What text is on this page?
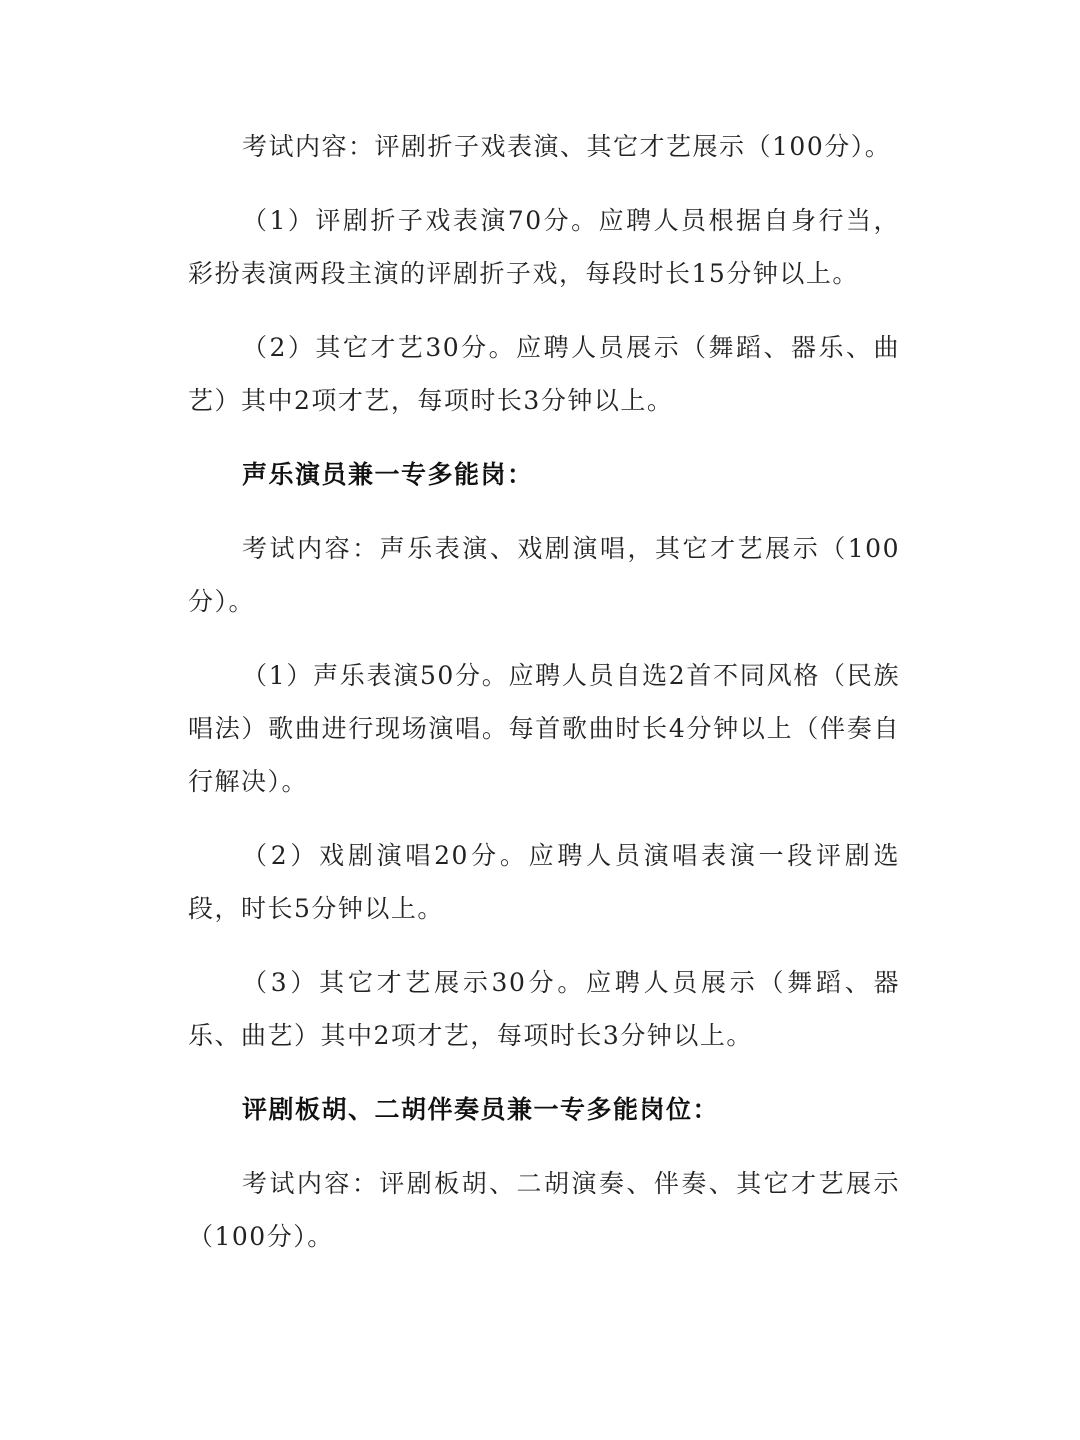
考试内容：评剧折子戏表演、其它才艺展示（100分）。

（1）评剧折子戏表演70分。应聘人员根据自身行当，彩扮表演两段主演的评剧折子戏，每段时长15分钟以上。

（2）其它才艺30分。应聘人员展示（舞蹈、器乐、曲艺）其中2项才艺，每项时长3分钟以上。

声乐演员兼一专多能岗：

考试内容：声乐表演、戏剧演唱，其它才艺展示（100分）。

（1）声乐表演50分。应聘人员自选2首不同风格（民族唱法）歌曲进行现场演唱。每首歌曲时长4分钟以上（伴奏自行解决）。

（2）戏剧演唱20分。应聘人员演唱表演一段评剧选段，时长5分钟以上。

（3）其它才艺展示30分。应聘人员展示（舞蹈、器乐、曲艺）其中2项才艺，每项时长3分钟以上。

评剧板胡、二胡伴奏员兼一专多能岗位：

考试内容：评剧板胡、二胡演奏、伴奏、其它才艺展示（100分）。
